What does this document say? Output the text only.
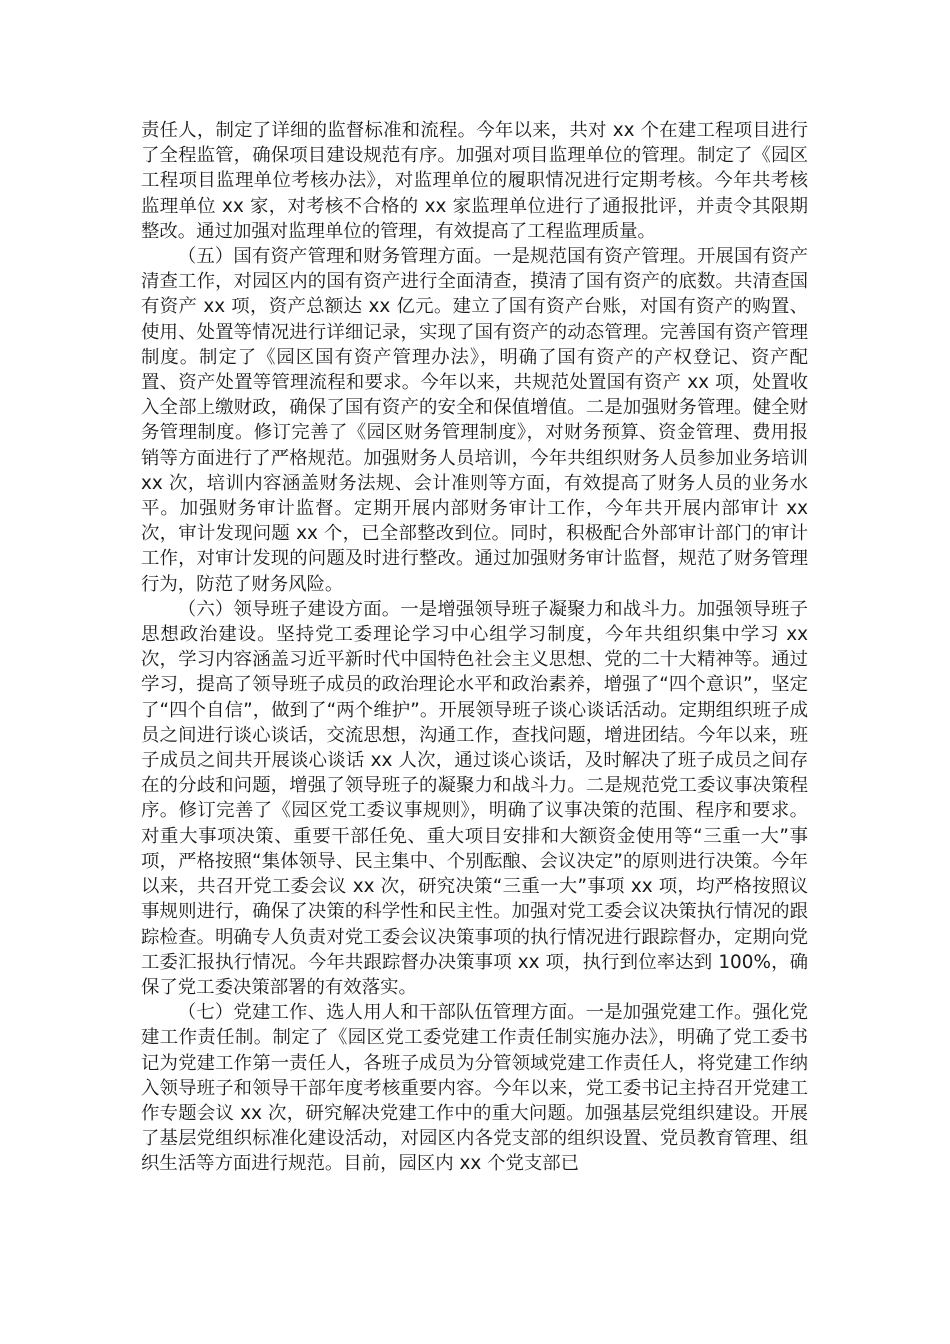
责任人，制定了详细的监督标准和流程。今年以来，共对 xx 个在建工程项目进行了全程监管，确保项目建设规范有序。加强对项目监理单位的管理。制定了《园区工程项目监理单位考核办法》，对监理单位的履职情况进行定期考核。今年共考核监理单位 xx 家，对考核不合格的 xx 家监理单位进行了通报批评，并责令其限期整改。通过加强对监理单位的管理，有效提高了工程监理质量。

（五）国有资产管理和财务管理方面。一是规范国有资产管理。开展国有资产清查工作，对园区内的国有资产进行全面清查，摸清了国有资产的底数。共清查国有资产 xx 项，资产总额达 xx 亿元。建立了国有资产台账，对国有资产的购置、使用、处置等情况进行详细记录，实现了国有资产的动态管理。完善国有资产管理制度。制定了《园区国有资产管理办法》，明确了国有资产的产权登记、资产配置、资产处置等管理流程和要求。今年以来，共规范处置国有资产 xx 项，处置收入全部上缴财政，确保了国有资产的安全和保值增值。二是加强财务管理。健全财务管理制度。修订完善了《园区财务管理制度》，对财务预算、资金管理、费用报销等方面进行了严格规范。加强财务人员培训，今年共组织财务人员参加业务培训 xx 次，培训内容涵盖财务法规、会计准则等方面，有效提高了财务人员的业务水平。加强财务审计监督。定期开展内部财务审计工作，今年共开展内部审计 xx 次，审计发现问题 xx 个，已全部整改到位。同时，积极配合外部审计部门的审计工作，对审计发现的问题及时进行整改。通过加强财务审计监督，规范了财务管理行为，防范了财务风险。

（六）领导班子建设方面。一是增强领导班子凝聚力和战斗力。加强领导班子思想政治建设。坚持党工委理论学习中心组学习制度，今年共组织集中学习 xx 次，学习内容涵盖习近平新时代中国特色社会主义思想、党的二十大精神等。通过学习，提高了领导班子成员的政治理论水平和政治素养，增强了“四个意识”，坚定了“四个自信”，做到了“两个维护”。开展领导班子谈心谈话活动。定期组织班子成员之间进行谈心谈话，交流思想，沟通工作，查找问题，增进团结。今年以来，班子成员之间共开展谈心谈话 xx 人次，通过谈心谈话，及时解决了班子成员之间存在的分歧和问题，增强了领导班子的凝聚力和战斗力。二是规范党工委议事决策程序。修订完善了《园区党工委议事规则》，明确了议事决策的范围、程序和要求。对重大事项决策、重要干部任免、重大项目安排和大额资金使用等“三重一大”事项，严格按照“集体领导、民主集中、个别酝酿、会议决定”的原则进行决策。今年以来，共召开党工委会议 xx 次，研究决策“三重一大”事项 xx 项，均严格按照议事规则进行，确保了决策的科学性和民主性。加强对党工委会议决策执行情况的跟踪检查。明确专人负责对党工委会议决策事项的执行情况进行跟踪督办，定期向党工委汇报执行情况。今年共跟踪督办决策事项 xx 项，执行到位率达到 100%，确保了党工委决策部署的有效落实。

（七）党建工作、选人用人和干部队伍管理方面。一是加强党建工作。强化党建工作责任制。制定了《园区党工委党建工作责任制实施办法》，明确了党工委书记为党建工作第一责任人，各班子成员为分管领域党建工作责任人，将党建工作纳入领导班子和领导干部年度考核重要内容。今年以来，党工委书记主持召开党建工作专题会议 xx 次，研究解决党建工作中的重大问题。加强基层党组织建设。开展了基层党组织标准化建设活动，对园区内各党支部的组织设置、党员教育管理、组织生活等方面进行规范。目前，园区内 xx 个党支部已
